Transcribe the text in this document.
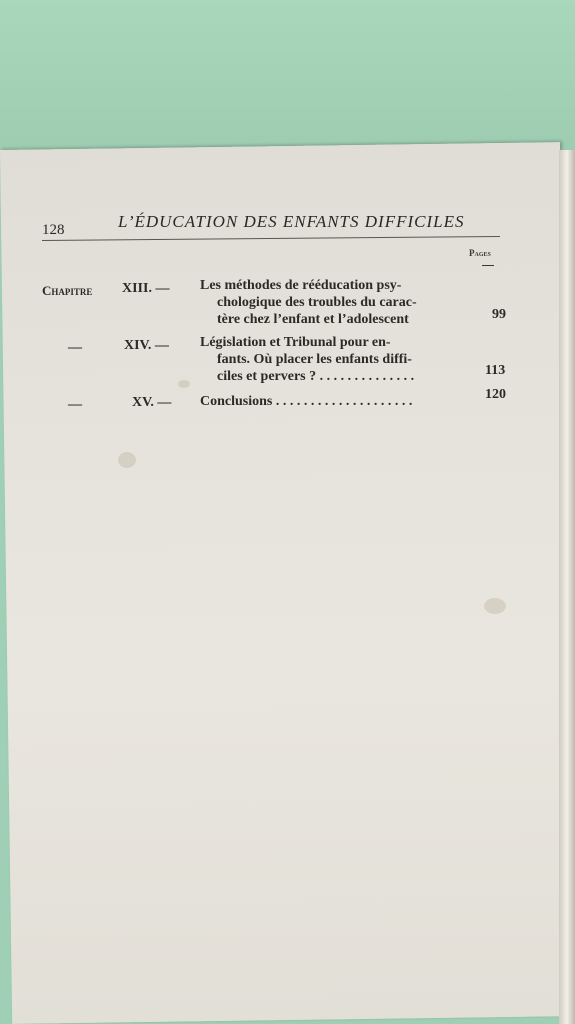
128	L’ÉDUCATION DES ENFANTS DIFFICILES
Pages
Chapitre XIII. — Les méthodes de rééducation psy-
chologique des troubles du carac-
tère chez l’enfant et l’adolescent	99
—	XIV. — Législation et Tribunal pour en-
fants. Où placer les enfants diffi-
ciles et pervers ? . . . . . . . . . . . . . .	113
—	XV. — Conclusions . . . . . . . . . . . . . . . . . . . .	120
